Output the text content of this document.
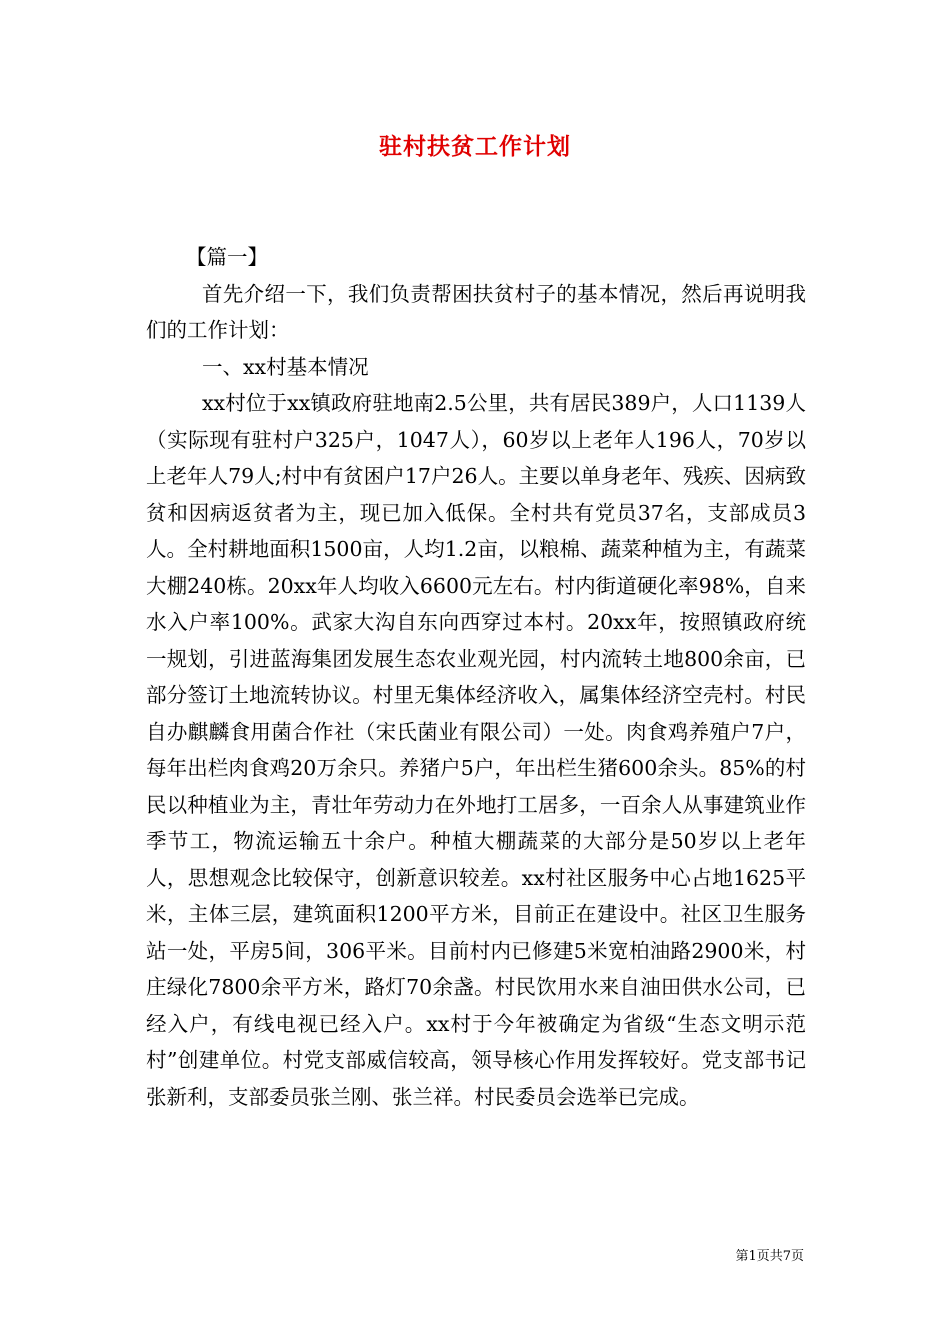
驻村扶贫工作计划

【篇一】

首先介绍一下，我们负责帮困扶贫村子的基本情况，然后再说明我们的工作计划：

一、xx村基本情况

xx村位于xx镇政府驻地南2.5公里，共有居民389户，人口1139人（实际现有驻村户325户，1047人），60岁以上老年人196人，70岁以上老年人79人;村中有贫困户17户26人。主要以单身老年、残疾、因病致贫和因病返贫者为主，现已加入低保。全村共有党员37名，支部成员3人。全村耕地面积1500亩，人均1.2亩，以粮棉、蔬菜种植为主，有蔬菜大棚240栋。20xx年人均收入6600元左右。村内街道硬化率98%，自来水入户率100%。武家大沟自东向西穿过本村。20xx年，按照镇政府统一规划，引进蓝海集团发展生态农业观光园，村内流转土地800余亩，已部分签订土地流转协议。村里无集体经济收入，属集体经济空壳村。村民自办麒麟食用菌合作社（宋氏菌业有限公司）一处。肉食鸡养殖户7户，每年出栏肉食鸡20万余只。养猪户5户，年出栏生猪600余头。85%的村民以种植业为主，青壮年劳动力在外地打工居多，一百余人从事建筑业作季节工，物流运输五十余户。种植大棚蔬菜的大部分是50岁以上老年人，思想观念比较保守，创新意识较差。xx村社区服务中心占地1625平米，主体三层，建筑面积1200平方米，目前正在建设中。社区卫生服务站一处，平房5间，306平米。目前村内已修建5米宽柏油路2900米，村庄绿化7800余平方米，路灯70余盏。村民饮用水来自油田供水公司，已经入户，有线电视已经入户。xx村于今年被确定为省级“生态文明示范村”创建单位。村党支部威信较高，领导核心作用发挥较好。党支部书记张新利，支部委员张兰刚、张兰祥。村民委员会选举已完成。

第1页共7页
